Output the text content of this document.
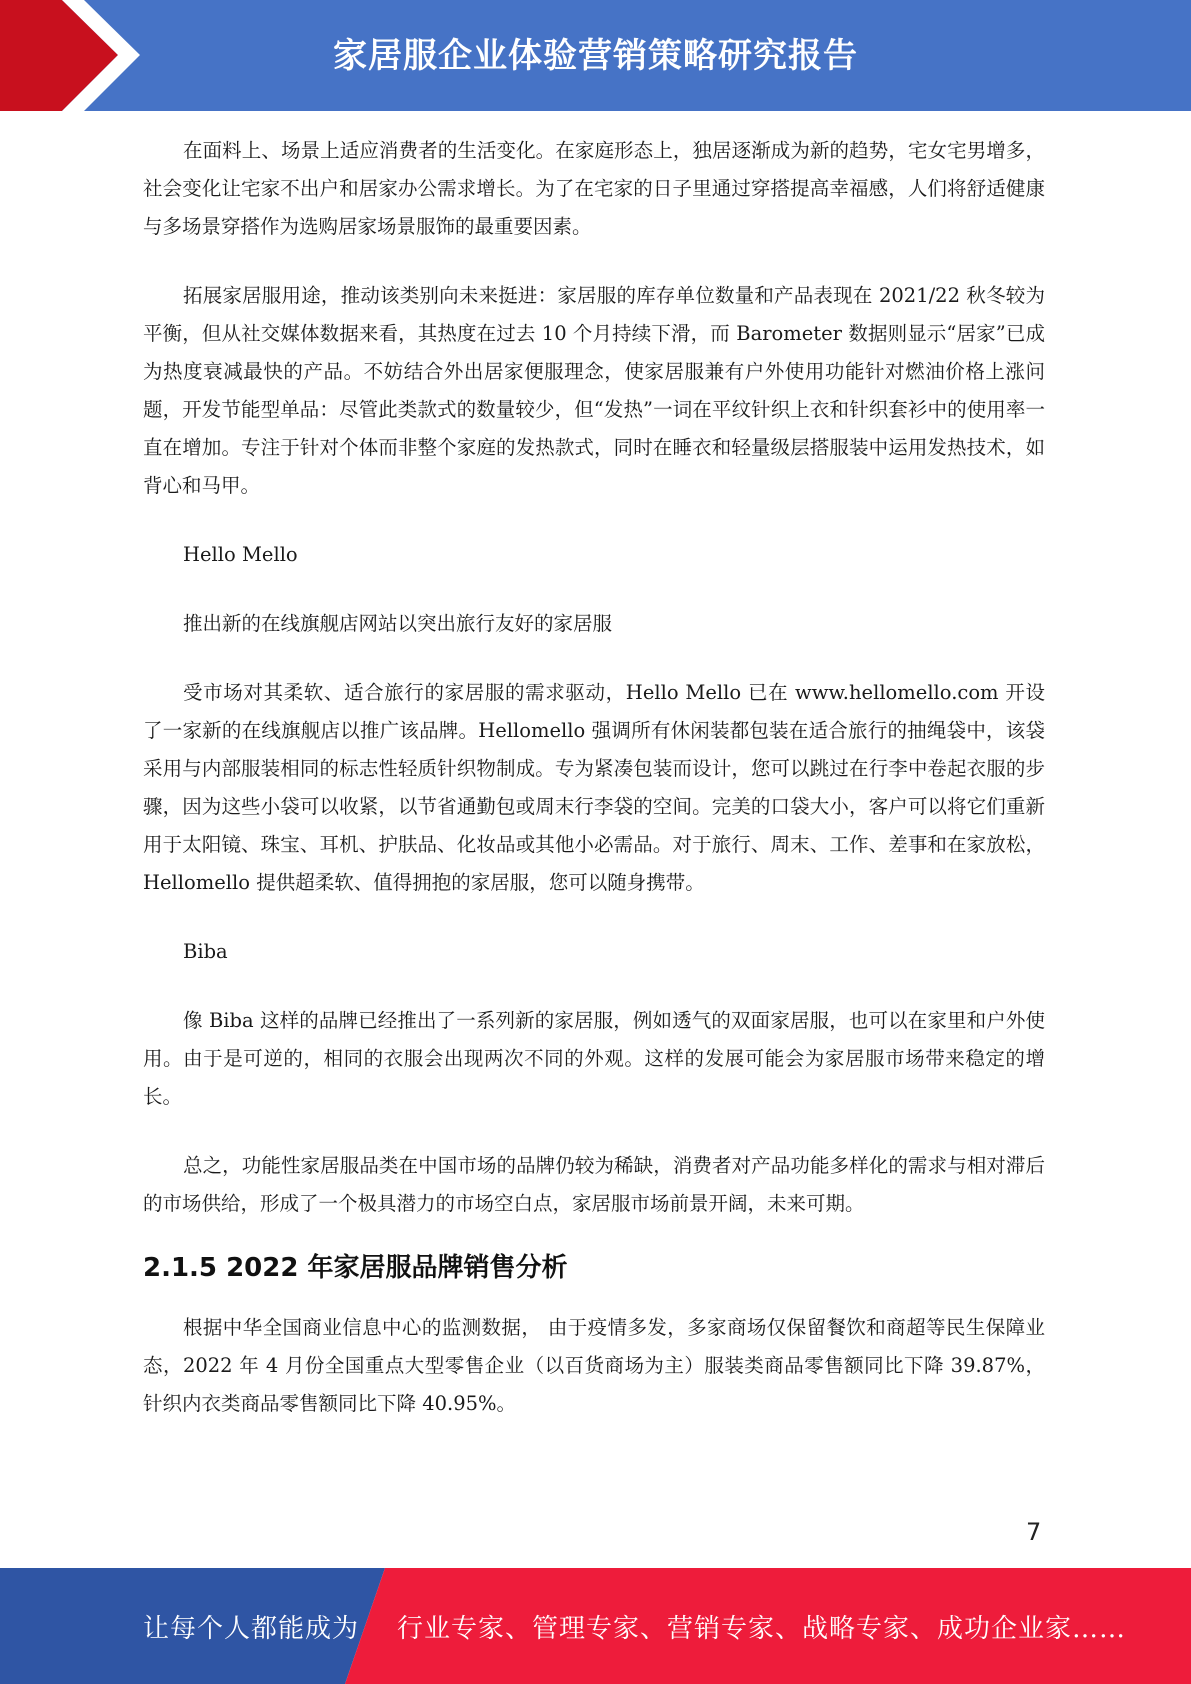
家居服企业体验营销策略研究报告

在面料上、场景上适应消费者的生活变化。在家庭形态上，独居逐渐成为新的趋势，宅女宅男增多，社会变化让宅家不出户和居家办公需求增长。为了在宅家的日子里通过穿搭提高幸福感，人们将舒适健康与多场景穿搭作为选购居家场景服饰的最重要因素。

拓展家居服用途，推动该类别向未来挺进：家居服的库存单位数量和产品表现在 2021/22 秋冬较为平衡，但从社交媒体数据来看，其热度在过去 10 个月持续下滑，而 Barometer 数据则显示“居家”已成为热度衰减最快的产品。不妨结合外出居家便服理念，使家居服兼有户外使用功能针对燃油价格上涨问题，开发节能型单品：尽管此类款式的数量较少，但“发热”一词在平纹针织上衣和针织套衫中的使用率一直在增加。专注于针对个体而非整个家庭的发热款式，同时在睡衣和轻量级层搭服装中运用发热技术，如背心和马甲。

Hello Mello

推出新的在线旗舰店网站以突出旅行友好的家居服

受市场对其柔软、适合旅行的家居服的需求驱动，Hello Mello 已在 www.hellomello.com 开设了一家新的在线旗舰店以推广该品牌。Hellomello 强调所有休闲装都包装在适合旅行的抽绳袋中，该袋采用与内部服装相同的标志性轻质针织物制成。专为紧凑包装而设计，您可以跳过在行李中卷起衣服的步骤，因为这些小袋可以收紧，以节省通勤包或周末行李袋的空间。完美的口袋大小，客户可以将它们重新用于太阳镜、珠宝、耳机、护肤品、化妆品或其他小必需品。对于旅行、周末、工作、差事和在家放松，Hellomello 提供超柔软、值得拥抱的家居服，您可以随身携带。

Biba

像 Biba 这样的品牌已经推出了一系列新的家居服，例如透气的双面家居服，也可以在家里和户外使用。由于是可逆的，相同的衣服会出现两次不同的外观。这样的发展可能会为家居服市场带来稳定的增长。

总之，功能性家居服品类在中国市场的品牌仍较为稀缺，消费者对产品功能多样化的需求与相对滞后的市场供给，形成了一个极具潜力的市场空白点，家居服市场前景开阔，未来可期。

2.1.5 2022 年家居服品牌销售分析

根据中华全国商业信息中心的监测数据， 由于疫情多发，多家商场仅保留餐饮和商超等民生保障业态，2022 年 4 月份全国重点大型零售企业（以百货商场为主）服装类商品零售额同比下降 39.87%，针织内衣类商品零售额同比下降 40.95%。

7
让每个人都能成为 行业专家、管理专家、营销专家、战略专家、成功企业家……
